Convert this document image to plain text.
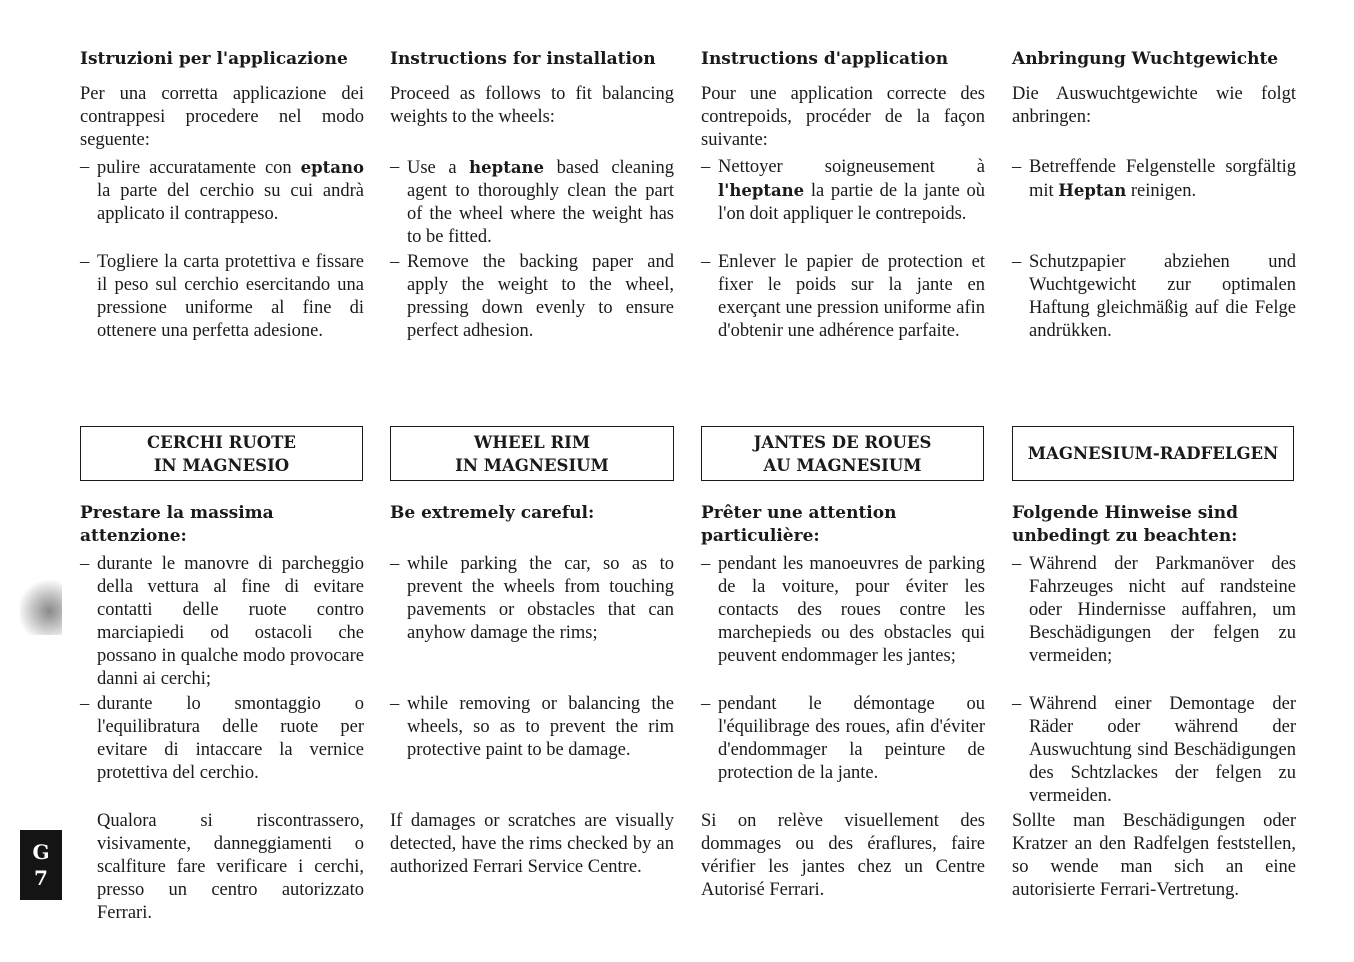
Istruzioni per l'applicazione

Per una corretta applicazione dei contrappesi procedere nel modo seguente:

– pulire accuratamente con eptano la parte del cerchio su cui andrà applicato il contrappeso.

– Togliere la carta protettiva e fissare il peso sul cerchio esercitando una pressione uniforme al fine di ottenere una perfetta adesione.

CERCHI RUOTE
IN MAGNESIO
Prestare la massima attenzione:

– durante le manovre di parcheggio della vettura al fine di evitare contatti delle ruote contro marciapiedi od ostacoli che possano in qualche modo provocare danni ai cerchi;

– durante lo smontaggio o l'equilibratura delle ruote per evitare di intaccare la vernice protettiva del cerchio.

Qualora si riscontrassero, visivamente, danneggiamenti o scalfiture fare verificare i cerchi, presso un centro autorizzato Ferrari.

Instructions for installation

Proceed as follows to fit balancing weights to the wheels:

– Use a heptane based cleaning agent to thoroughly clean the part of the wheel where the weight has to be fitted.

– Remove the backing paper and apply the weight to the wheel, pressing down evenly to ensure perfect adhesion.

WHEEL RIM
IN MAGNESIUM
Be extremely careful:

– while parking the car, so as to prevent the wheels from touching pavements or obstacles that can anyhow damage the rims;

– while removing or balancing the wheels, so as to prevent the rim protective paint to be damage.

If damages or scratches are visually detected, have the rims checked by an authorized Ferrari Service Centre.

Instructions d'application

Pour une application correcte des contrepoids, procéder de la façon suivante:

– Nettoyer soigneusement à l'heptane la partie de la jante où l'on doit appliquer le contrepoids.

– Enlever le papier de protection et fixer le poids sur la jante en exerçant une pression uniforme afin d'obtenir une adhérence parfaite.

JANTES DE ROUES
AU MAGNESIUM
Prêter une attention particulière:

– pendant les manoeuvres de parking de la voiture, pour éviter les contacts des roues contre les marchepieds ou des obstacles qui peuvent endommager les jantes;

– pendant le démontage ou l'équilibrage des roues, afin d'éviter d'endommager la peinture de protection de la jante.

Si on relève visuellement des dommages ou des éraflures, faire vérifier les jantes chez un Centre Autorisé Ferrari.

Anbringung Wuchtgewichte

Die Auswuchtgewichte wie folgt anbringen:

– Betreffende Felgenstelle sorgfältig mit Heptan reinigen.

– Schutzpapier abziehen und Wuchtgewicht zur optimalen Haftung gleichmäßig auf die Felge andrükken.

MAGNESIUM-RADFELGEN
Folgende Hinweise sind unbedingt zu beachten:

– Während der Parkmanöver des Fahrzeuges nicht auf randsteine oder Hindernisse auffahren, um Beschädigungen der felgen zu vermeiden;

– Während einer Demontage der Räder oder während der Auswuchtung sind Beschädigungen des Schtzlackes der felgen zu vermeiden.

Sollte man Beschädigungen oder Kratzer an den Radfelgen feststellen, so wende man sich an eine autorisierte Ferrari-Vertretung.

G
7
